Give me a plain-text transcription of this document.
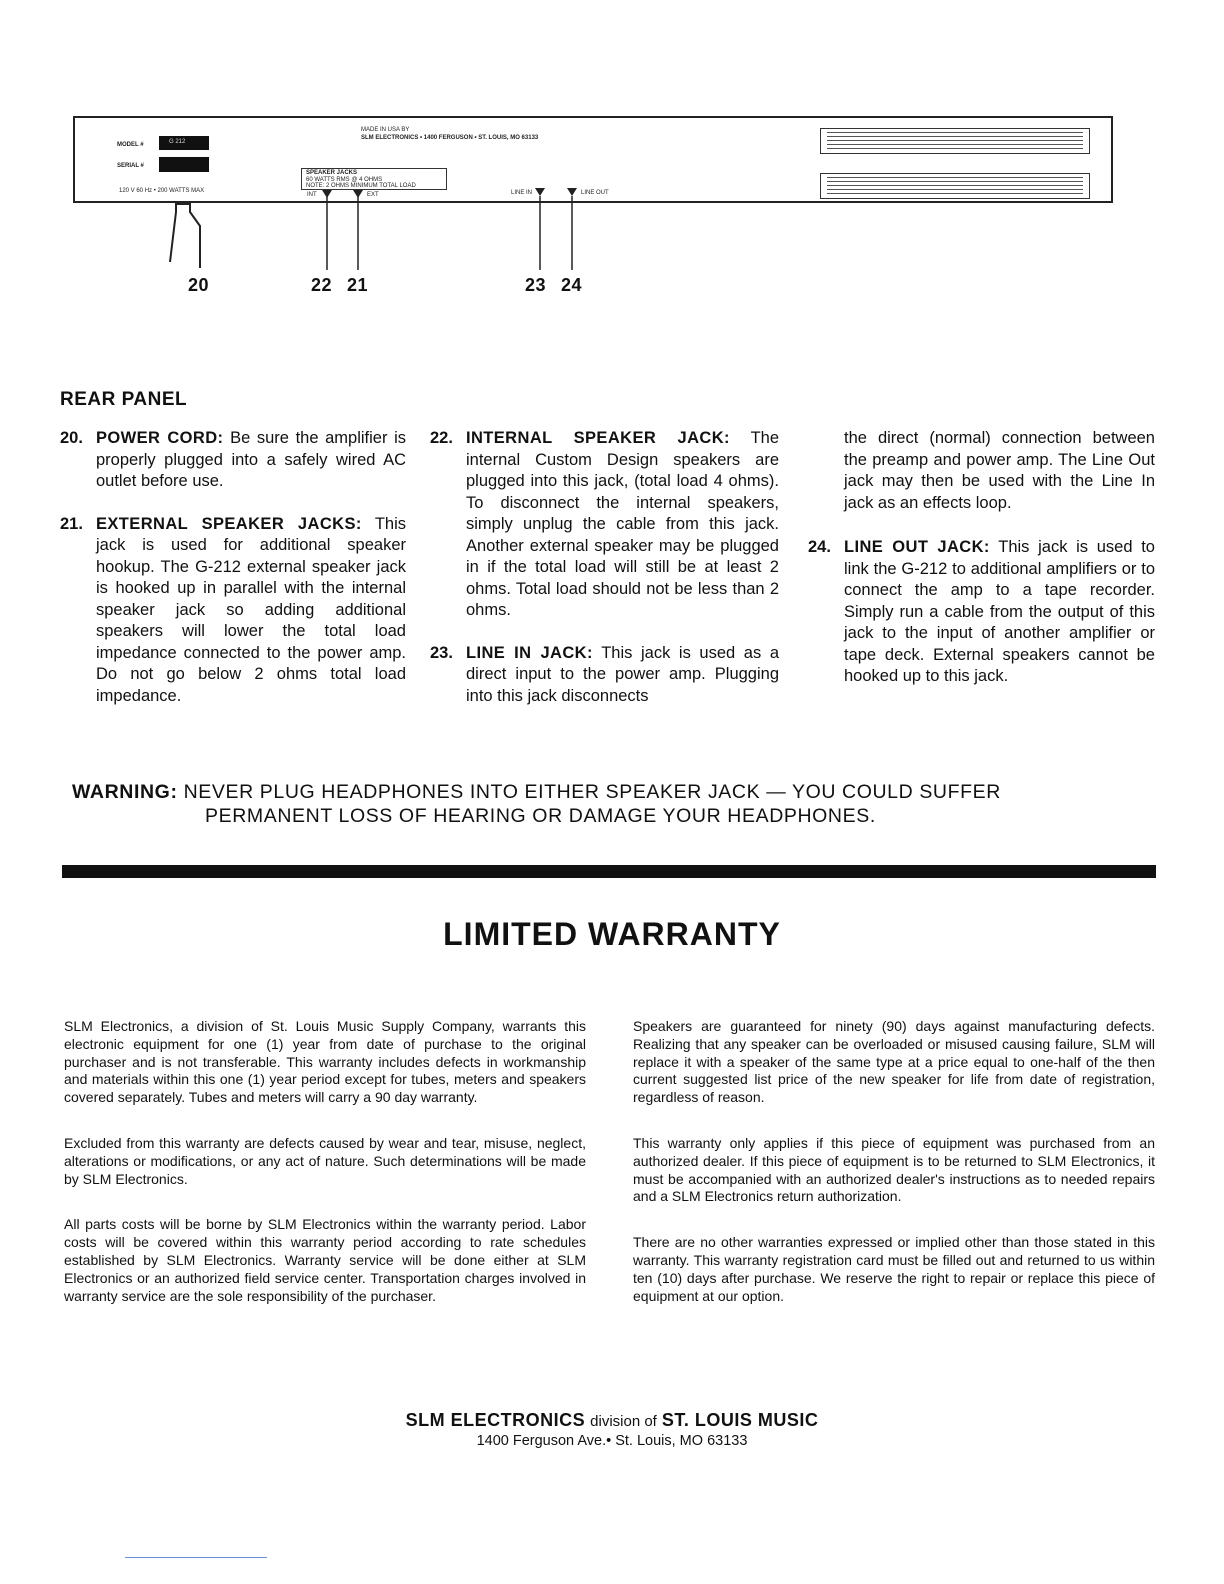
MODEL #	G 212
SERIAL #
120 V 60 Hz • 200 WATTS MAX
MADE IN USA BY
SLM ELECTRONICS • 1400 FERGUSON • ST. LOUIS, MO 63133
SPEAKER JACKS
60 WATTS RMS @ 4 OHMS
NOTE: 2 OHMS MINIMUM TOTAL LOAD
INT	EXT	LINE IN	LINE OUT
20	22 21	23 24
REAR PANEL
20. POWER CORD: Be sure the amplifier is properly plugged into a safely wired AC outlet before use.

21. EXTERNAL SPEAKER JACKS: This jack is used for additional speaker hookup. The G-212 external speaker jack is hooked up in parallel with the internal speaker jack so adding additional speakers will lower the total load impedance connected to the power amp. Do not go below 2 ohms total load impedance.

22. INTERNAL SPEAKER JACK: The internal Custom Design speakers are plugged into this jack, (total load 4 ohms). To disconnect the internal speakers, simply unplug the cable from this jack. Another external speaker may be plugged in if the total load will still be at least 2 ohms. Total load should not be less than 2 ohms.

23. LINE IN JACK: This jack is used as a direct input to the power amp. Plugging into this jack disconnects

the direct (normal) connection between the preamp and power amp. The Line Out jack may then be used with the Line In jack as an effects loop.
24. LINE OUT JACK: This jack is used to link the G-212 to additional amplifiers or to connect the amp to a tape recorder. Simply run a cable from the output of this jack to the input of another amplifier or tape deck. External speakers cannot be hooked up to this jack.

WARNING: NEVER PLUG HEADPHONES INTO EITHER SPEAKER JACK — YOU COULD SUFFER
PERMANENT LOSS OF HEARING OR DAMAGE YOUR HEADPHONES.
LIMITED WARRANTY

SLM Electronics, a division of St. Louis Music Supply Company, warrants this electronic equipment for one (1) year from date of purchase to the original purchaser and is not transferable. This warranty includes defects in workmanship and materials within this one (1) year period except for tubes, meters and speakers covered separately. Tubes and meters will carry a 90 day warranty.

Excluded from this warranty are defects caused by wear and tear, misuse, neglect, alterations or modifications, or any act of nature. Such determinations will be made by SLM Electronics.

All parts costs will be borne by SLM Electronics within the warranty period. Labor costs will be covered within this warranty period according to rate schedules established by SLM Electronics. Warranty service will be done either at SLM Electronics or an authorized field service center. Transportation charges involved in warranty service are the sole responsibility of the purchaser.

Speakers are guaranteed for ninety (90) days against manufacturing defects. Realizing that any speaker can be overloaded or misused causing failure, SLM will replace it with a speaker of the same type at a price equal to one-half of the then current suggested list price of the new speaker for life from date of registration, regardless of reason.

This warranty only applies if this piece of equipment was purchased from an authorized dealer. If this piece of equipment is to be returned to SLM Electronics, it must be accompanied with an authorized dealer's instructions as to needed repairs and a SLM Electronics return authorization.

There are no other warranties expressed or implied other than those stated in this warranty. This warranty registration card must be filled out and returned to us within ten (10) days after purchase. We reserve the right to repair or replace this piece of equipment at our option.

SLM ELECTRONICS division of ST. LOUIS MUSIC
1400 Ferguson Ave.• St. Louis, MO 63133
